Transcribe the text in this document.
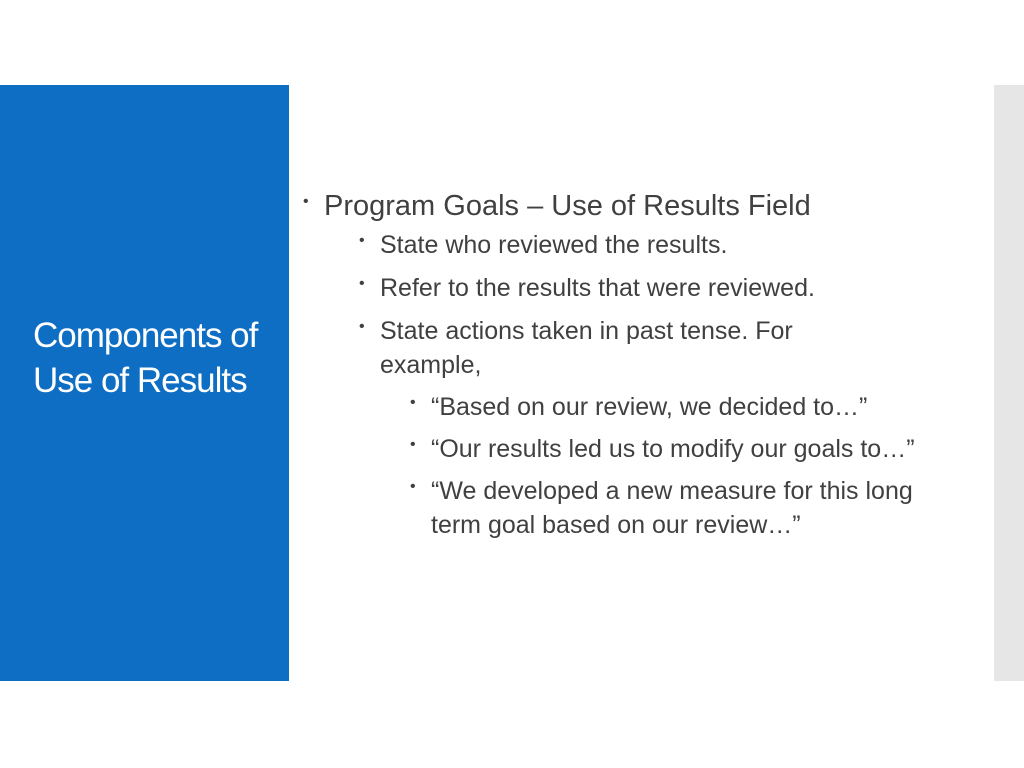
Components of Use of Results
• Program Goals – Use of Results Field
• State who reviewed the results.
• Refer to the results that were reviewed.
• State actions taken in past tense. For example,
• “Based on our review, we decided to…”
• “Our results led us to modify our goals to…”
• “We developed a new measure for this long term goal based on our review…”
